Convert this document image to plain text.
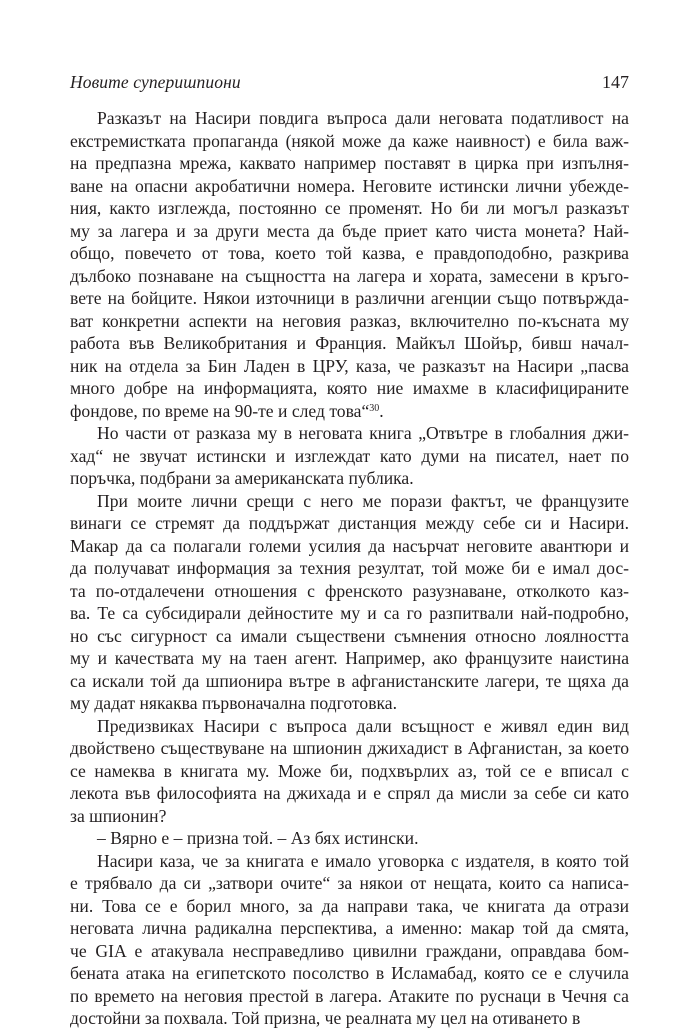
Новите суперишпиони	147
Разказът на Насири повдига въпроса дали неговата податливост на
екстремистката пропаганда (някой може да каже наивност) е била важ-
на предпазна мрежа, каквато например поставят в цирка при изпълня-
ване на опасни акробатични номера. Неговите истински лични убежде-
ния, както изглежда, постоянно се променят. Но би ли могъл разказът
му за лагера и за други места да бъде приет като чиста монета? Най-
общо, повечето от това, което той казва, е правдоподобно, разкрива
дълбоко познаване на същността на лагера и хората, замесени в кръго-
вете на бойците. Някои източници в различни агенции също потвържда-
ват конкретни аспекти на неговия разказ, включително по-късната му
работа във Великобритания и Франция. Майкъл Шойър, бивш начал-
ник на отдела за Бин Ладен в ЦРУ, каза, че разказът на Насири „пасва
много добре на информацията, която ние имахме в класифицираните
фондове, по време на 90-те и след това“$^{30}$.
Но части от разказа му в неговата книга „Отвътре в глобалния джи-
хад“ не звучат истински и изглеждат като думи на писател, нает по
поръчка, подбрани за американската публика.
При моите лични срещи с него ме порази фактът, че французите
винаги се стремят да поддържат дистанция между себе си и Насири.
Макар да са полагали големи усилия да насърчат неговите авантюри и
да получават информация за техния резултат, той може би е имал дос-
та по-отдалечени отношения с френското разузнаване, отколкото каз-
ва. Те са субсидирали дейностите му и са го разпитвали най-подробно,
но със сигурност са имали съществени съмнения относно лоялността
му и качествата му на таен агент. Например, ако французите наистина
са искали той да шпионира вътре в афганистанските лагери, те щяха да
му дадат някаква първоначална подготовка.
Предизвиках Насири с въпроса дали всъщност е живял един вид
двойствено съществуване на шпионин джихадист в Афганистан, за което
се намеква в книгата му. Може би, подхвърлих аз, той се е вписал с
лекота във философията на джихада и е спрял да мисли за себе си като
за шпионин?
– Вярно е – призна той. – Аз бях истински.
Насири каза, че за книгата е имало уговорка с издателя, в която той
е трябвало да си „затвори очите“ за някои от нещата, които са написа-
ни. Това се е борил много, за да направи така, че книгата да отрази
неговата лична радикална перспектива, а именно: макар той да смята,
че GIA е атакувала несправедливо цивилни граждани, оправдава бом-
бената атака на египетското посолство в Исламабад, която се е случила
по времето на неговия престой в лагера. Атаките по руснаци в Чечня са
достойни за похвала. Той призна, че реалната му цел на отиването в
